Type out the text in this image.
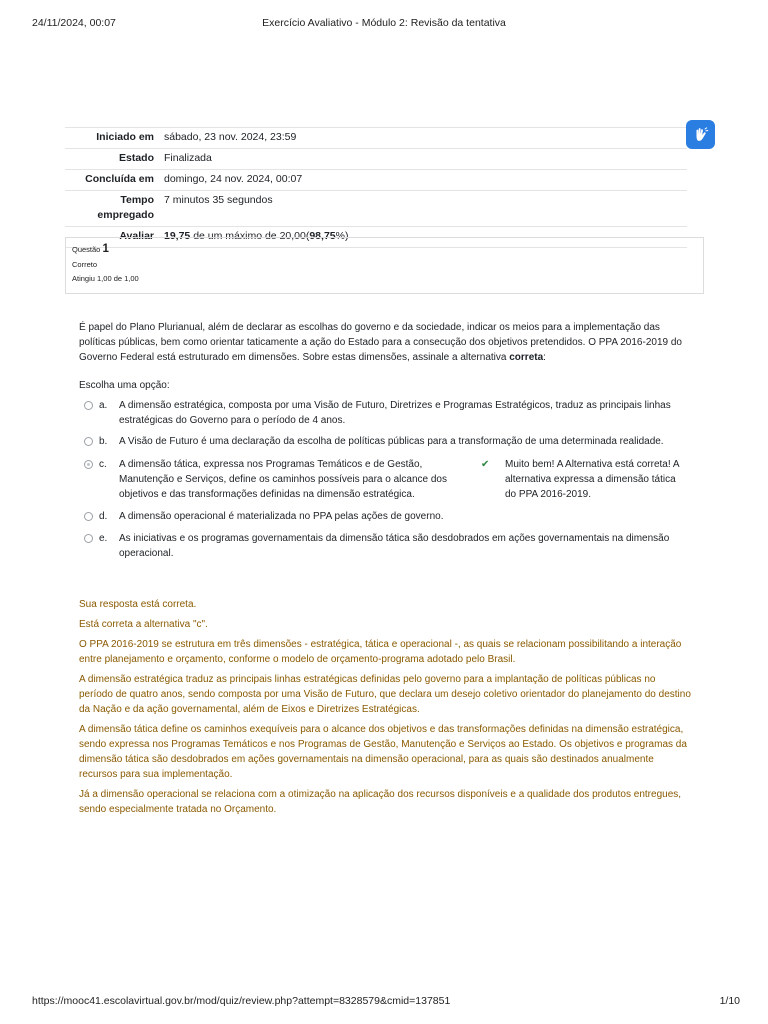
24/11/2024, 00:07	Exercício Avaliativo - Módulo 2: Revisão da tentativa
Iniciado em sábado, 23 nov. 2024, 23:59
Estado Finalizada
Concluída em domingo, 24 nov. 2024, 00:07
Tempo empregado
7 minutos 35 segundos
Avaliar 19,75 de um máximo de 20,00(98,75%)
Questão 1
Correto
Atingiu 1,00 de 1,00
É papel do Plano Plurianual, além de declarar as escolhas do governo e da sociedade, indicar os meios para a implementação das políticas públicas, bem como orientar taticamente a ação do Estado para a consecução dos objetivos pretendidos. O PPA 2016-2019 do Governo Federal está estruturado em dimensões. Sobre estas dimensões, assinale a alternativa correta:
Escolha uma opção:
a.	A dimensão estratégica, composta por uma Visão de Futuro, Diretrizes e Programas Estratégicos, traduz as principais linhas estratégicas do Governo para o período de 4 anos.
b.	A Visão de Futuro é uma declaração da escolha de políticas públicas para a transformação de uma determinada realidade.
c.	A dimensão tática, expressa nos Programas Temáticos e de Gestão, Manutenção e Serviços, define os caminhos possíveis para o alcance dos objetivos e das transformações definidas na dimensão estratégica.
✔	Muito bem! A Alternativa está correta! A alternativa expressa a dimensão tática do PPA 2016-2019.
d.	A dimensão operacional é materializada no PPA pelas ações de governo.
e.	As iniciativas e os programas governamentais da dimensão tática são desdobrados em ações governamentais na dimensão operacional.

Sua resposta está correta.

Está correta a alternativa "c".

O PPA 2016-2019 se estrutura em três dimensões - estratégica, tática e operacional -, as quais se relacionam possibilitando a interação entre planejamento e orçamento, conforme o modelo de orçamento-programa adotado pelo Brasil.

A dimensão estratégica traduz as principais linhas estratégicas definidas pelo governo para a implantação de políticas públicas no período de quatro anos, sendo composta por uma Visão de Futuro, que declara um desejo coletivo orientador do planejamento do destino da Nação e da ação governamental, além de Eixos e Diretrizes Estratégicas.

A dimensão tática define os caminhos exequíveis para o alcance dos objetivos e das transformações definidas na dimensão estratégica, sendo expressa nos Programas Temáticos e nos Programas de Gestão, Manutenção e Serviços ao Estado. Os objetivos e programas da dimensão tática são desdobrados em ações governamentais na dimensão operacional, para as quais são destinados anualmente recursos para sua implementação.

Já a dimensão operacional se relaciona com a otimização na aplicação dos recursos disponíveis e a qualidade dos produtos entregues, sendo especialmente tratada no Orçamento.

https://mooc41.escolavirtual.gov.br/mod/quiz/review.php?attempt=8328579&cmid=137851	1/10
